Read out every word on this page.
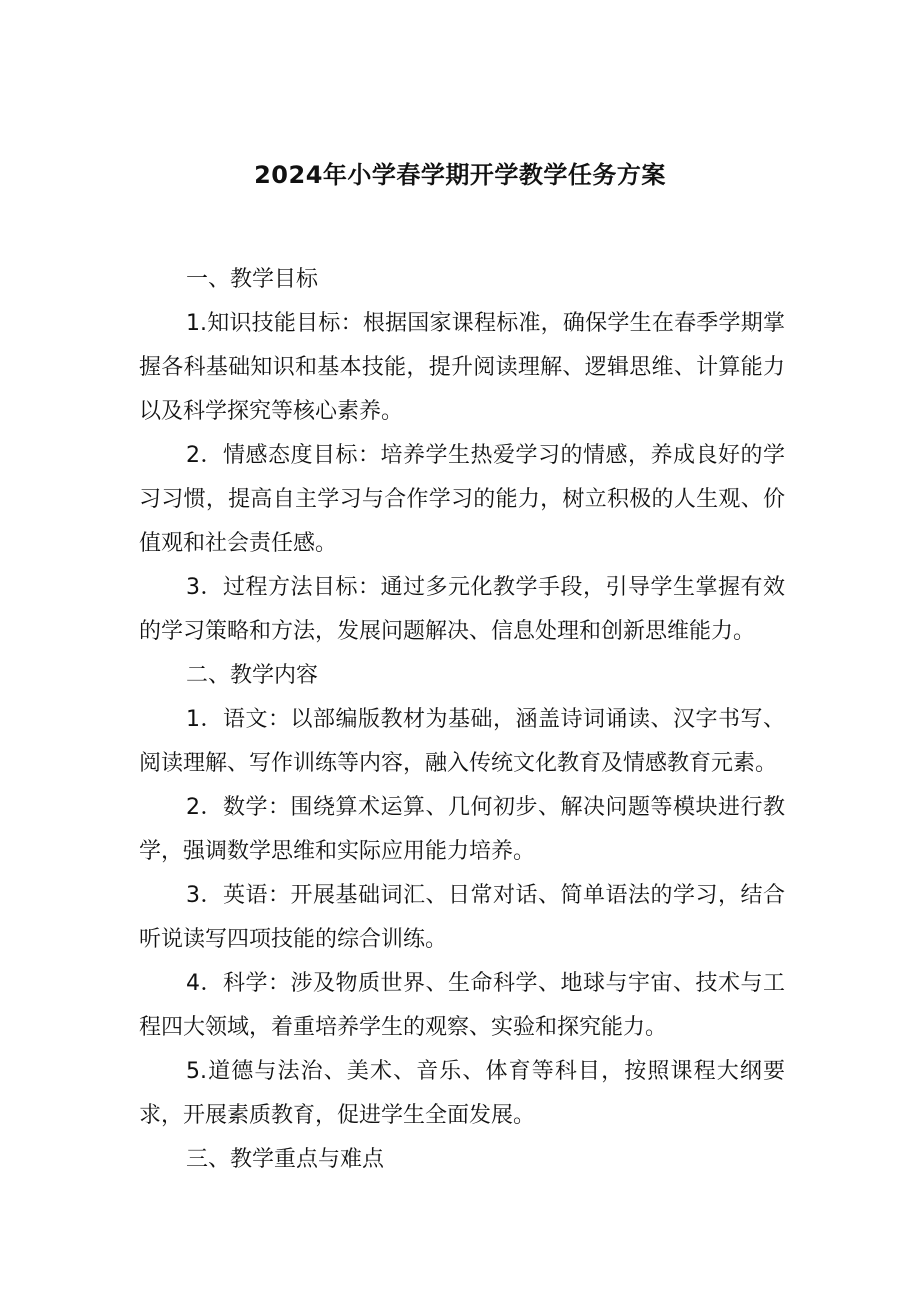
2024年小学春学期开学教学任务方案

一、教学目标

1.知识技能目标：根据国家课程标准，确保学生在春季学期掌握各科基础知识和基本技能，提升阅读理解、逻辑思维、计算能力以及科学探究等核心素养。

2．情感态度目标：培养学生热爱学习的情感，养成良好的学习习惯，提高自主学习与合作学习的能力，树立积极的人生观、价值观和社会责任感。

3．过程方法目标：通过多元化教学手段，引导学生掌握有效的学习策略和方法，发展问题解决、信息处理和创新思维能力。

二、教学内容

1．语文：以部编版教材为基础，涵盖诗词诵读、汉字书写、阅读理解、写作训练等内容，融入传统文化教育及情感教育元素。

2．数学：围绕算术运算、几何初步、解决问题等模块进行教学，强调数学思维和实际应用能力培养。

3．英语：开展基础词汇、日常对话、简单语法的学习，结合听说读写四项技能的综合训练。

4．科学：涉及物质世界、生命科学、地球与宇宙、技术与工程四大领域，着重培养学生的观察、实验和探究能力。

5.道德与法治、美术、音乐、体育等科目，按照课程大纲要求，开展素质教育，促进学生全面发展。

三、教学重点与难点
